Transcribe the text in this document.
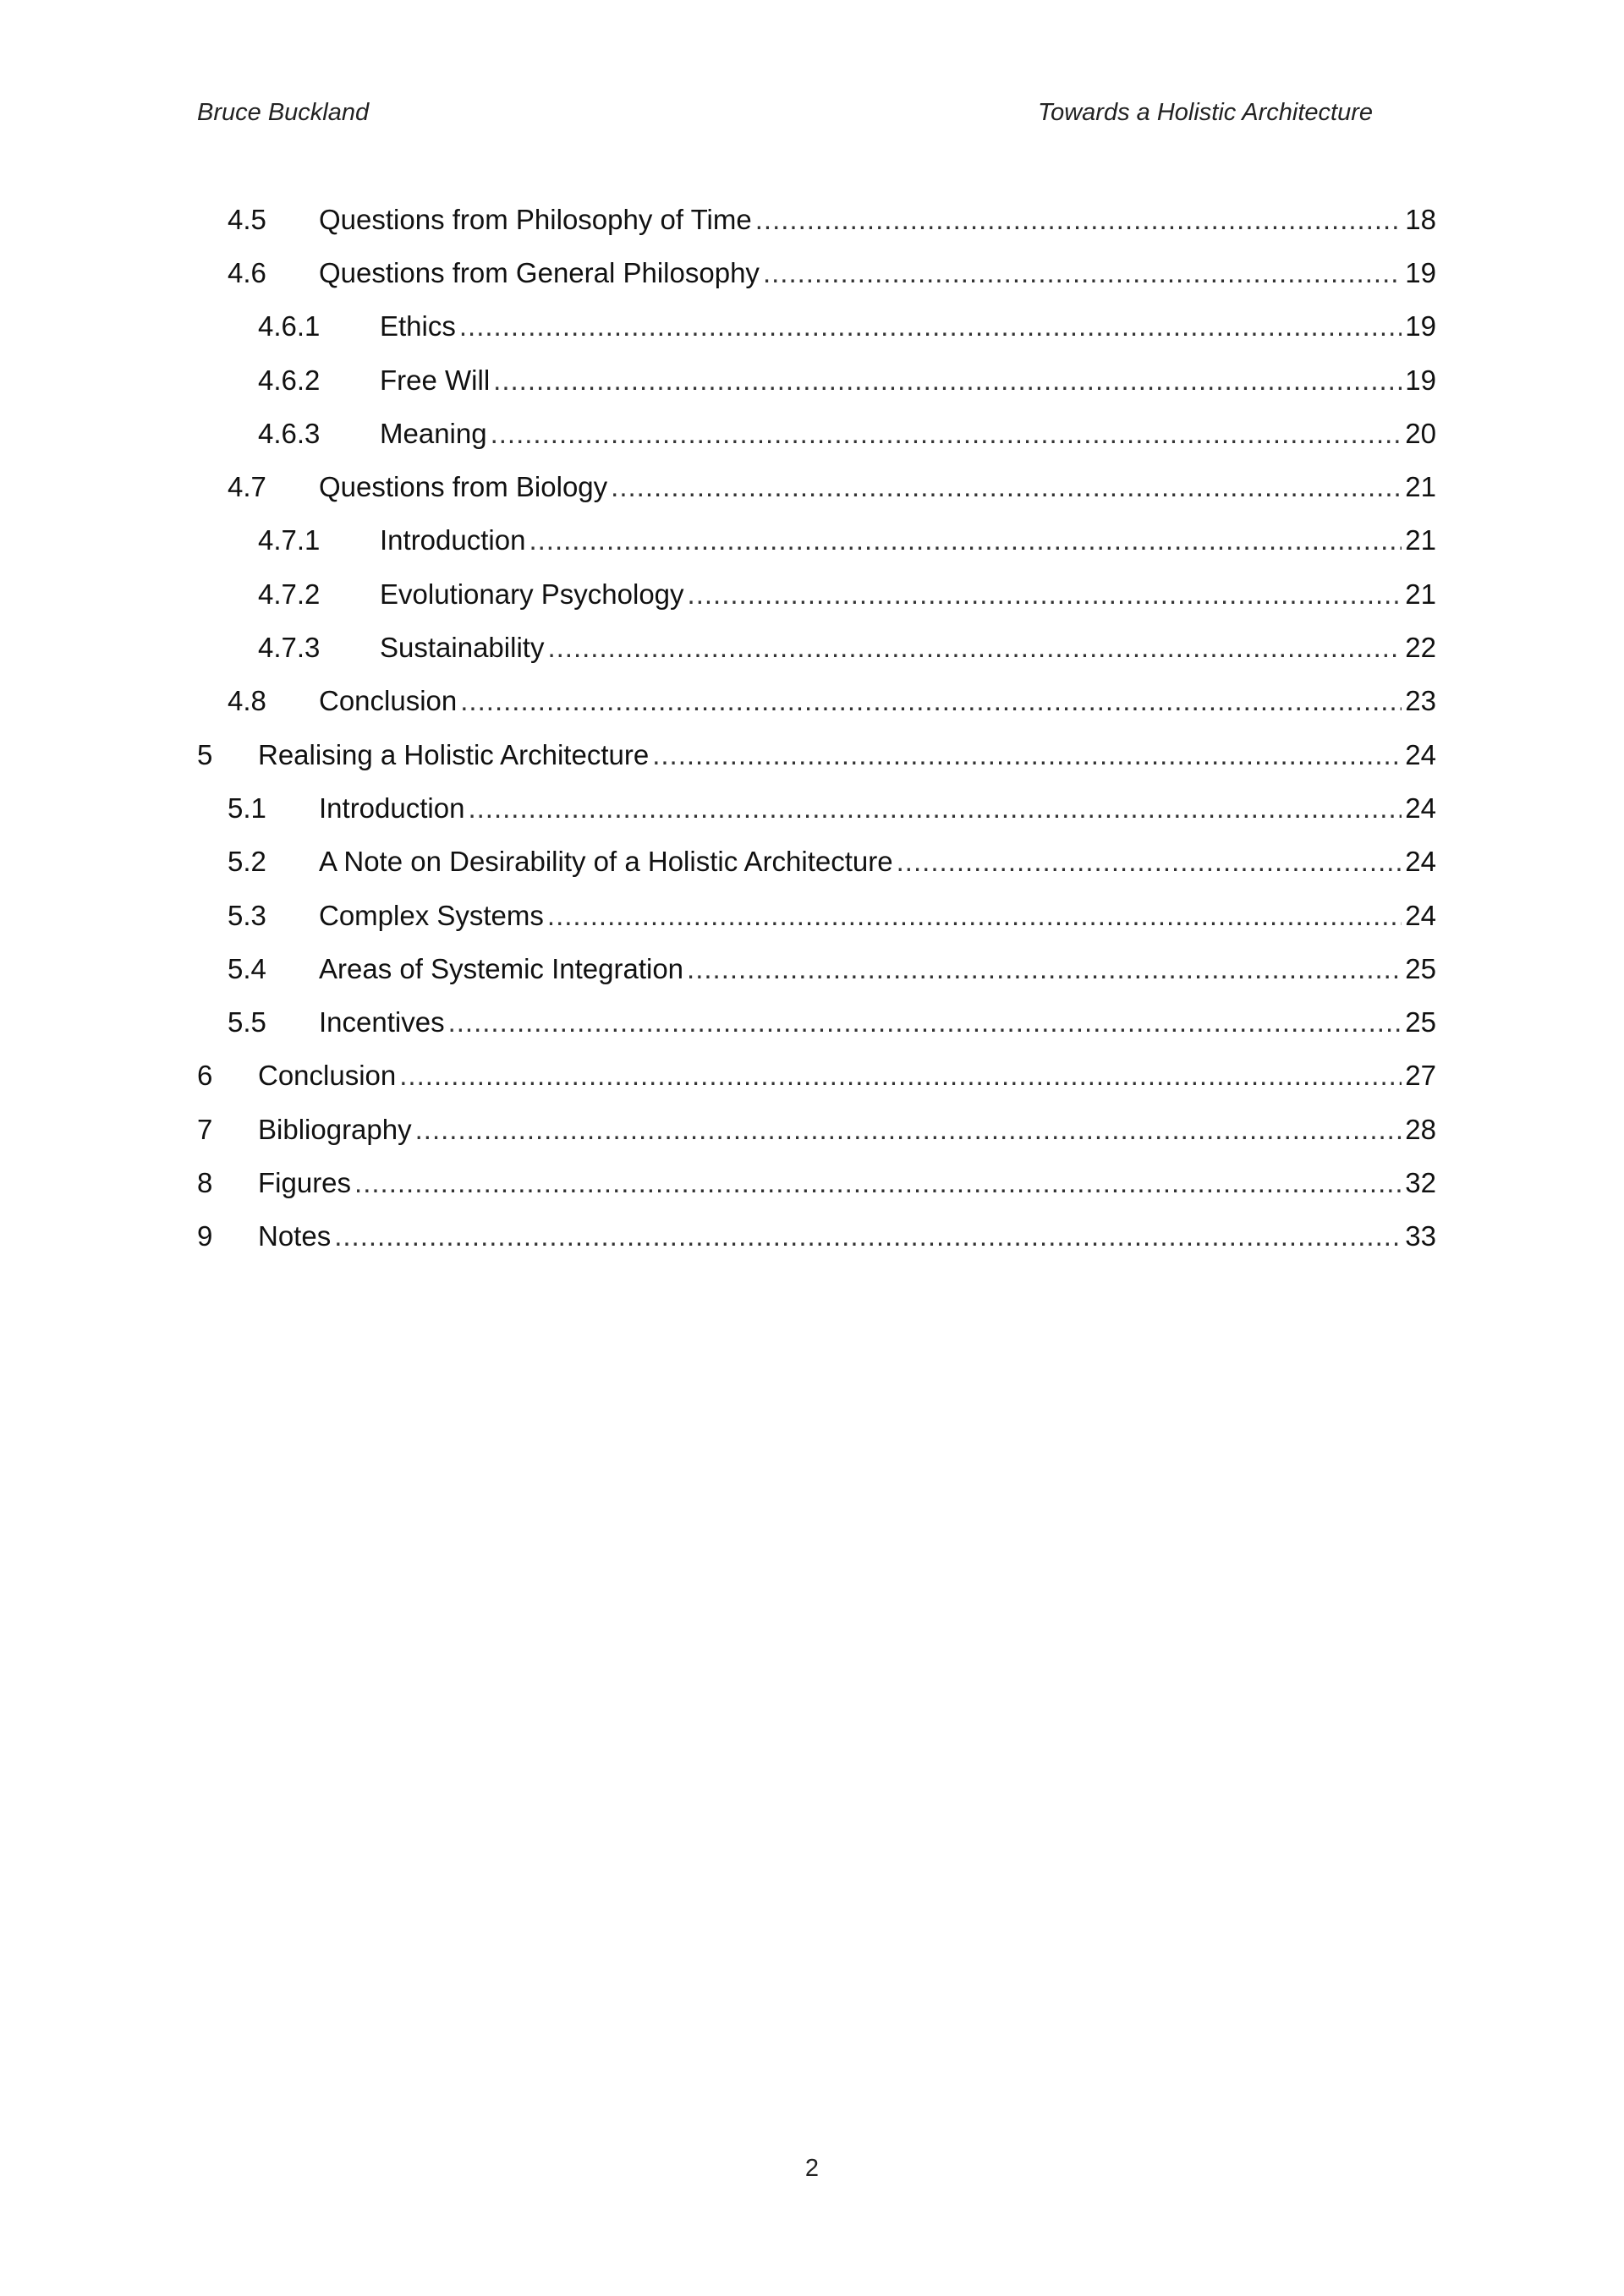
Bruce Buckland	Towards a Holistic Architecture
4.5	Questions from Philosophy of Time .....	18
4.6	Questions from General Philosophy .....	19
4.6.1	Ethics .....	19
4.6.2	Free Will .....	19
4.6.3	Meaning .....	20
4.7	Questions from Biology .....	21
4.7.1	Introduction .....	21
4.7.2	Evolutionary Psychology .....	21
4.7.3	Sustainability .....	22
4.8	Conclusion .....	23
5	Realising a Holistic Architecture .....	24
5.1	Introduction .....	24
5.2	A Note on Desirability of a Holistic Architecture .....	24
5.3	Complex Systems .....	24
5.4	Areas of Systemic Integration .....	25
5.5	Incentives .....	25
6	Conclusion .....	27
7	Bibliography .....	28
8	Figures .....	32
9	Notes .....	33
2
